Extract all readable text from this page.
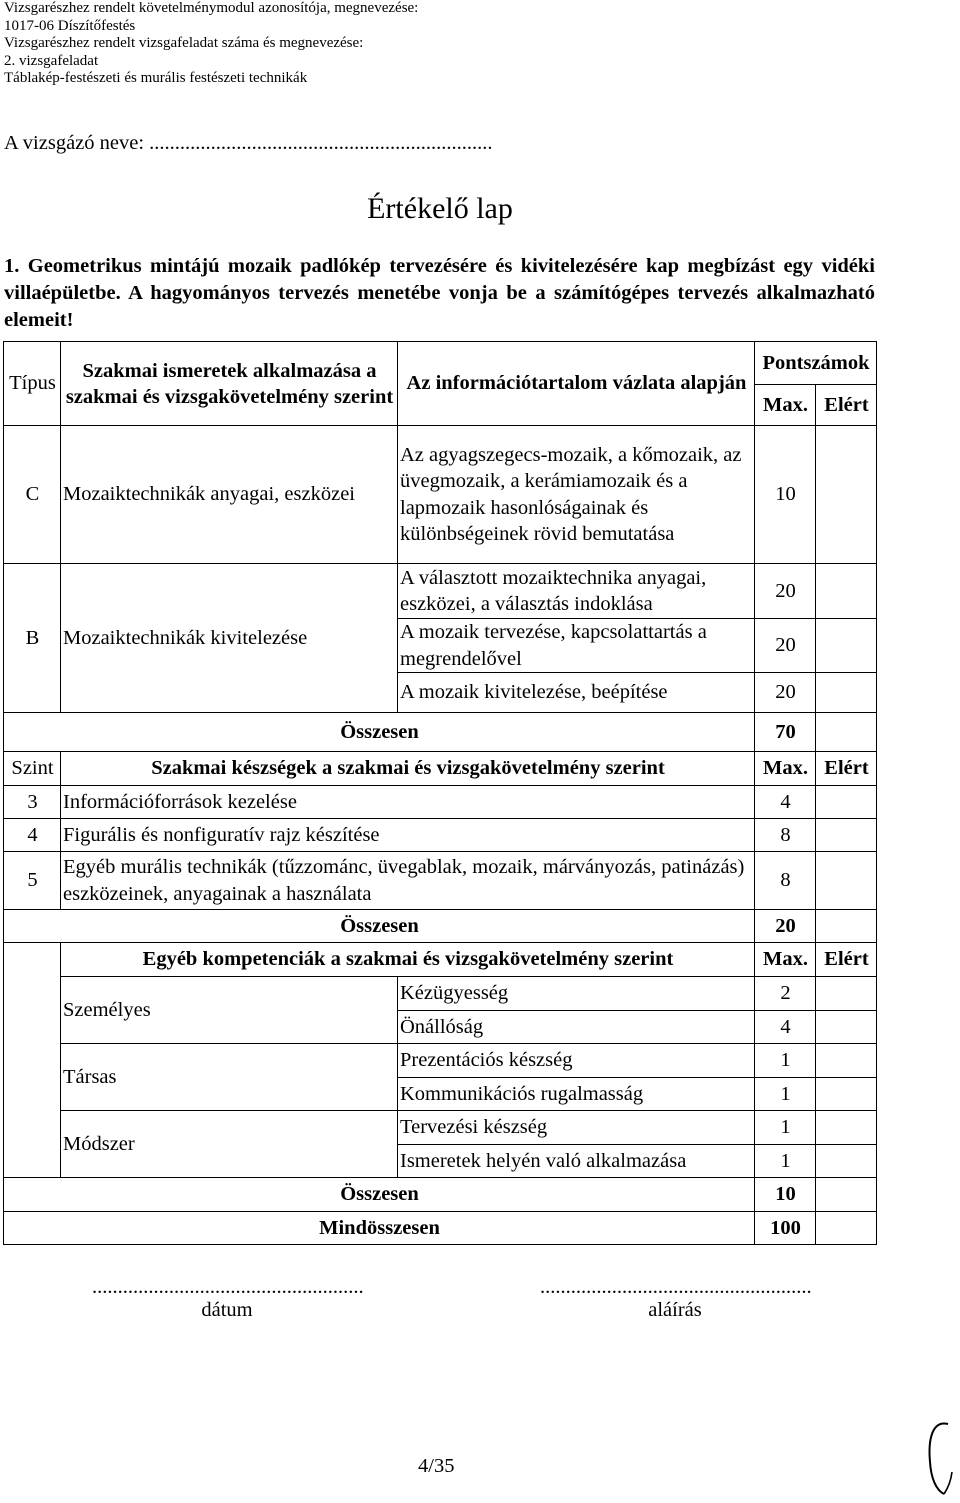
Vizsgarészhez rendelt követelménymodul azonosítója, megnevezése:
1017-06 Díszítőfestés
Vizsgarészhez rendelt vizsgafeladat száma és megnevezése:
2. vizsgafeladat
Táblakép-festészeti és murális festészeti technikák
A vizsgázó neve: ...................................................................
Értékelő lap
1. Geometrikus mintájú mozaik padlókép tervezésére és kivitelezésére kap megbízást egy vidéki villaépületbe. A hagyományos tervezés menetébe vonja be a számítógépes tervezés alkalmazható elemeit!
Típus	Szakmai ismeretek alkalmazása a szakmai és vizsgakövetelmény szerint	Az információtartalom vázlata alapján	Pontszámok	
			Max.	Elért
C	Mozaiktechnikák anyagai, eszközei	Az agyagszegecs-mozaik, a kőmozaik, az üvegmozaik, a kerámiamozaik és a lapmozaik hasonlóságainak és különbségeinek rövid bemutatása	10	
B	Mozaiktechnikák kivitelezése	A választott mozaiktechnika anyagai, eszközei, a választás indoklása	20	
		A mozaik tervezése, kapcsolattartás a megrendelővel	20	
		A mozaik kivitelezése, beépítése	20	
Összesen			70	
Szint	Szakmai készségek a szakmai és vizsgakövetelmény szerint		Max.	Elért
3	Információforrások kezelése		4	
4	Figurális és nonfiguratív rajz készítése		8	
5	Egyéb murális technikák (tűzzománc, üvegablak, mozaik, márványozás, patinázás) eszközeinek, anyagainak a használata		8	
Összesen			20	
	Egyéb kompetenciák a szakmai és vizsgakövetelmény szerint		Max.	Elért
	Személyes	Kézügyesség	2	
		Önállóság	4	
	Társas	Prezentációs készség	1	
		Kommunikációs rugalmasság	1	
	Módszer	Tervezési készség	1	
		Ismeretek helyén való alkalmazása	1	
Összesen			10	
Mindösszesen			100	
.....................................................
dátum
.....................................................
aláírás
4/35
